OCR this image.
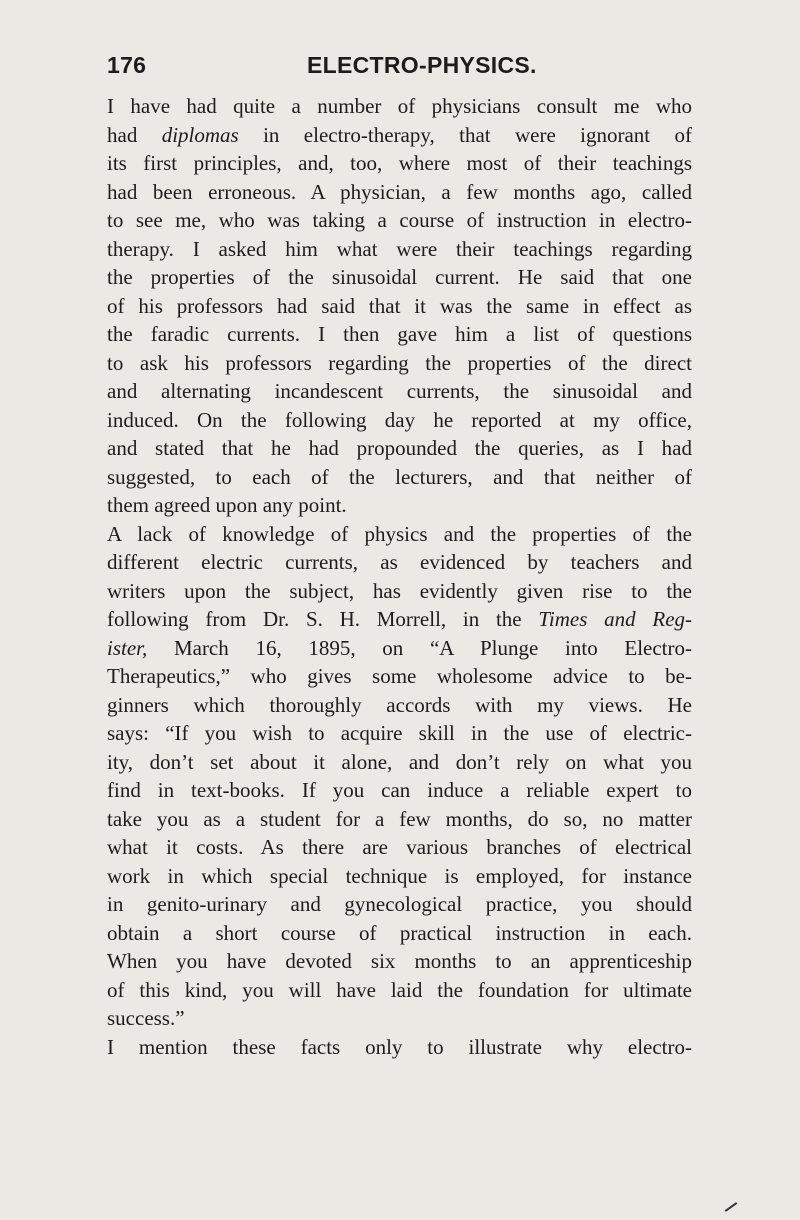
176	ELECTRO-PHYSICS.
I have had quite a number of physicians consult me who
had diplomas in electro-therapy, that were ignorant of
its first principles, and, too, where most of their teachings
had been erroneous. A physician, a few months ago, called
to see me, who was taking a course of instruction in electro-
therapy. I asked him what were their teachings regarding
the properties of the sinusoidal current. He said that one
of his professors had said that it was the same in effect as
the faradic currents. I then gave him a list of questions
to ask his professors regarding the properties of the direct
and alternating incandescent currents, the sinusoidal and
induced. On the following day he reported at my office,
and stated that he had propounded the queries, as I had
suggested, to each of the lecturers, and that neither of
them agreed upon any point.
A lack of knowledge of physics and the properties of the
different electric currents, as evidenced by teachers and
writers upon the subject, has evidently given rise to the
following from Dr. S. H. Morrell, in the Times and Reg-
ister, March 16, 1895, on “A Plunge into Electro-
Therapeutics,” who gives some wholesome advice to be-
ginners which thoroughly accords with my views. He
says: “If you wish to acquire skill in the use of electric-
ity, don’t set about it alone, and don’t rely on what you
find in text-books. If you can induce a reliable expert to
take you as a student for a few months, do so, no matter
what it costs. As there are various branches of electrical
work in which special technique is employed, for instance
in genito-urinary and gynecological practice, you should
obtain a short course of practical instruction in each.
When you have devoted six months to an apprenticeship
of this kind, you will have laid the foundation for ultimate
success.”
I mention these facts only to illustrate why electro-
